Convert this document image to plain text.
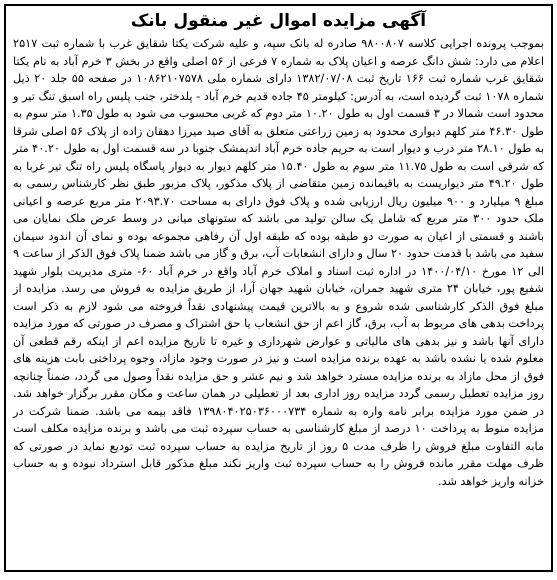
آگهی مزایده اموال غیر منقول بانک

بموجب پرونده اجرایی کلاسه ۹۸۰۰۸۰۷ صادره له بانک سپه، و علیه شرکت یکتا شقایق غرب با شماره ثبت ۲۵۱۷ اعلام می دارد: شش دانگ عرصه و اعیان پلاک به شماره ۷ فرعی از ۵۶ اصلی واقع در بخش ۳ خرم آباد به نام یکتا شقایق غرب شماره ثبت ۱۶۶ تاریخ ثبت ۱۳۸۲/۰۷/۰۸ دارای شماره ملی ۱۰۸۶۲۱۰۷۵۷۸ در صفحه ۵۵ جلد ۲۰ ذیل شماره ۱۰۷۸ ثبت گردیده است، به آدرس: کیلومتر ۴۵ جاده قدیم خرم آباد - پلدختر، جنب پلیس راه اسبق تنگ تیر و محدود است شمالا در ۳ قسمت اول به طول ۱۰.۲۰ متر دوم که غربی محسوب می شود به طول ۱.۳۵ متر سوم به طول ۴۶.۳۰ متر کلهم دیواری محدود به زمین زراعتی متعلق به آقای صید میرزا دهقان زاده از پلاک ۵۶ اصلی شرقا به طول ۲۸.۱۰ متر درب و دیوار است به حریم جاده خرم آباد اندیمشک جنوبا در سه قسمت اول به طول ۴۰.۲۰ متر که شرقی است به طول ۱۱.۷۵ متر سوم به طول ۱۵.۴۰ متر کلهم دیوار به دیوار پاسگاه پلیس راه تنگ تیر غربا به طول ۴۹.۲۰ متر دیواریست به باقیمانده زمین متقاضی از پلاک مذکور، پلاک مزبور طبق نظر کارشناس رسمی به مبلغ ۹ میلیارد و ۹۰۰ میلیون ریال ارزیابی شده و پلاک فوق دارای به مساحت ۲۰۹۳.۷۰ متر مربع عرصه و اعیانی ملک حدود ۳۰۰ متر مربع که شامل یک سالن تولید می باشد که ستونهای میانی در وسط عرض ملک نمایان می باشند و قسمتی از اعیان به صورت دو طبقه بوده که طبقه اول آن رفاهی مجموعه بوده و نمای آن اندود سیمان سفید می باشد با قدمت حدود ۲۰ سال و دارای انشعابات آب، برق و گاز می باشد ضمنا پلاک فوق الذکر از ساعت ۹ الی ۱۲ مورخ ۱۴۰۰/۰۴/۱۰ در اداره ثبت اسناد و املاک خرم آباد واقع در خرم آباد ۶۰- متری مدیریت بلوار شهید شفیع پور، خیابان ۲۴ متری شهید جمران، خیابان شهید جهان آرا، از طریق مزایده به فروش می رسد. مزایده از مبلغ فوق الذکر کارشناسی شده شروع و به بالاترین قیمت پیشنهادی نقداً فروخته می شود لازم به ذکر است پرداخت بدهی های مربوط به آب، برق، گاز اعم از حق انشعاب یا حق اشتراک و مصرف در صورتی که مورد مزایده دارای آنها باشد و نیز بدهی های مالیاتی و عوارض شهرداری و غیره تا تاریخ مزایده اعم از اینکه رقم قطعی آن معلوم شده یا نشده باشد به عهده برنده مزایده است و نیز در صورت وجود مازاد، وجوه پرداختی بابت هزینه های فوق از محل مازاد به برنده مزایده مسترد خواهد شد و نیم عشر و حق مزایده نقداً وصول می گردد، ضمناً چنانچه روز مزایده تعطیل رسمی گردد مزایده روز اداری بعد از تعطیلی در همان ساعت و مکان مقرر برگزار خواهد شد. در ضمن مورد مزایده برابر نامه واره به شماره ۱۳۹۸۰۴۰۲۵۰۳۶۰۰۰۷۳۴ فاقد بیمه می باشد. ضمنا شرکت در مزایده منوط به پرداخت ۱۰ درصد از مبلغ کارشناسی به حساب سپرده ثبت می باشد و برنده مزایده مکلف است مابه التفاوت مبلغ فروش را ظرف مدت ۵ روز از تاریخ مزایده به حساب سپرده ثبت تودیع نماید در صورتی که ظرف مهلت مقرر مانده فروش را به حساب سپرده ثبت واریز نکند مبلغ مذکور قابل استرداد نبوده و به حساب خزانه واریز خواهد شد.
